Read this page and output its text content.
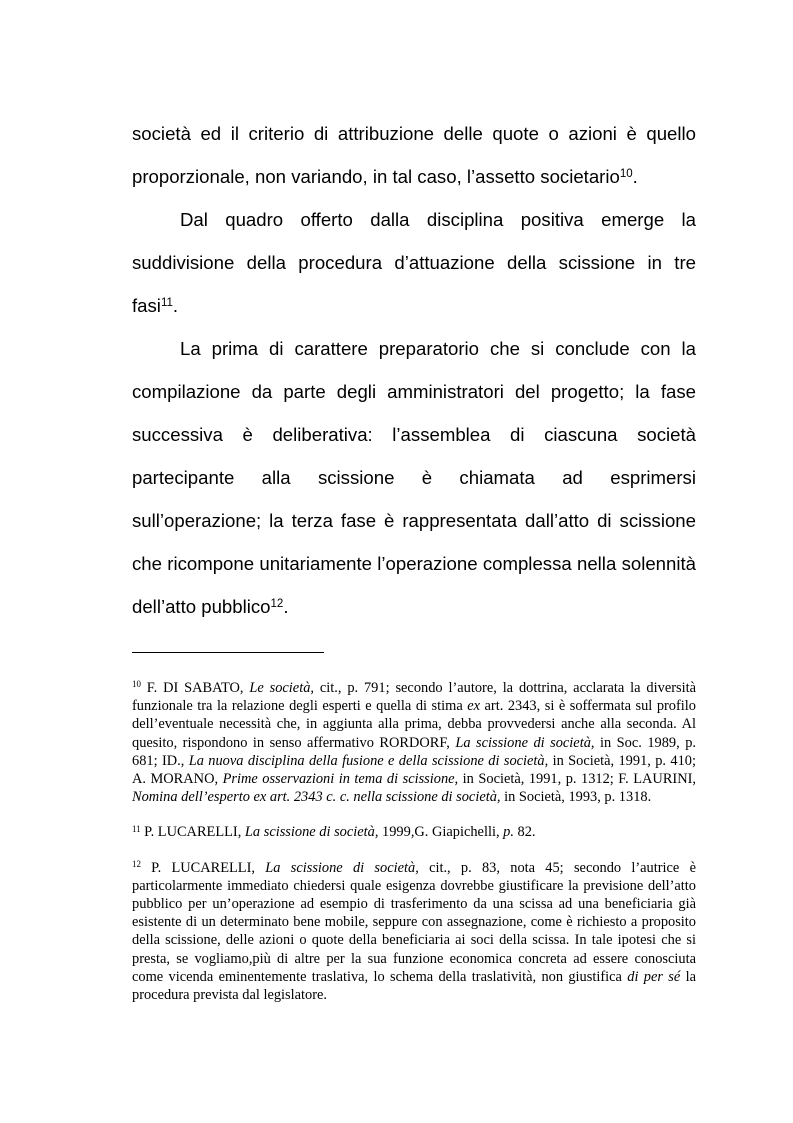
società ed il criterio di attribuzione delle quote o azioni è quello proporzionale, non variando, in tal caso, l’assetto societario$^{10}$.

Dal quadro offerto dalla disciplina positiva emerge la suddivisione della procedura d’attuazione della scissione in tre fasi$^{11}$.

La prima di carattere preparatorio che si conclude con la compilazione da parte degli amministratori del progetto; la fase successiva è deliberativa: l’assemblea di ciascuna società partecipante alla scissione è chiamata ad esprimersi sull’operazione; la terza fase è rappresentata dall’atto di scissione che ricompone unitariamente l’operazione complessa nella solennità dell’atto pubblico$^{12}$.

$^{10}$ F. DI SABATO, Le società, cit., p. 791; secondo l’autore, la dottrina, acclarata la diversità funzionale tra la relazione degli esperti e quella di stima ex art. 2343, si è soffermata sul profilo dell’eventuale necessità che, in aggiunta alla prima, debba provvedersi anche alla seconda. Al quesito, rispondono in senso affermativo RORDORF, La scissione di società, in Soc. 1989, p. 681; ID., La nuova disciplina della fusione e della scissione di società, in Società, 1991, p. 410; A. MORANO, Prime osservazioni in tema di scissione, in Società, 1991, p. 1312; F. LAURINI, Nomina dell’esperto ex art. 2343 c. c. nella scissione di società, in Società, 1993, p. 1318.

$^{11}$ P. LUCARELLI, La scissione di società, 1999,G. Giapichelli, p. 82.

$^{12}$ P. LUCARELLI, La scissione di società, cit., p. 83, nota 45; secondo l’autrice è particolarmente immediato chiedersi quale esigenza dovrebbe giustificare la previsione dell’atto pubblico per un’operazione ad esempio di trasferimento da una scissa ad una beneficiaria già esistente di un determinato bene mobile, seppure con assegnazione, come è richiesto a proposito della scissione, delle azioni o quote della beneficiaria ai soci della scissa. In tale ipotesi che si presta, se vogliamo,più di altre per la sua funzione economica concreta ad essere conosciuta come vicenda eminentemente traslativa, lo schema della traslatività, non giustifica di per sé la procedura prevista dal legislatore.
